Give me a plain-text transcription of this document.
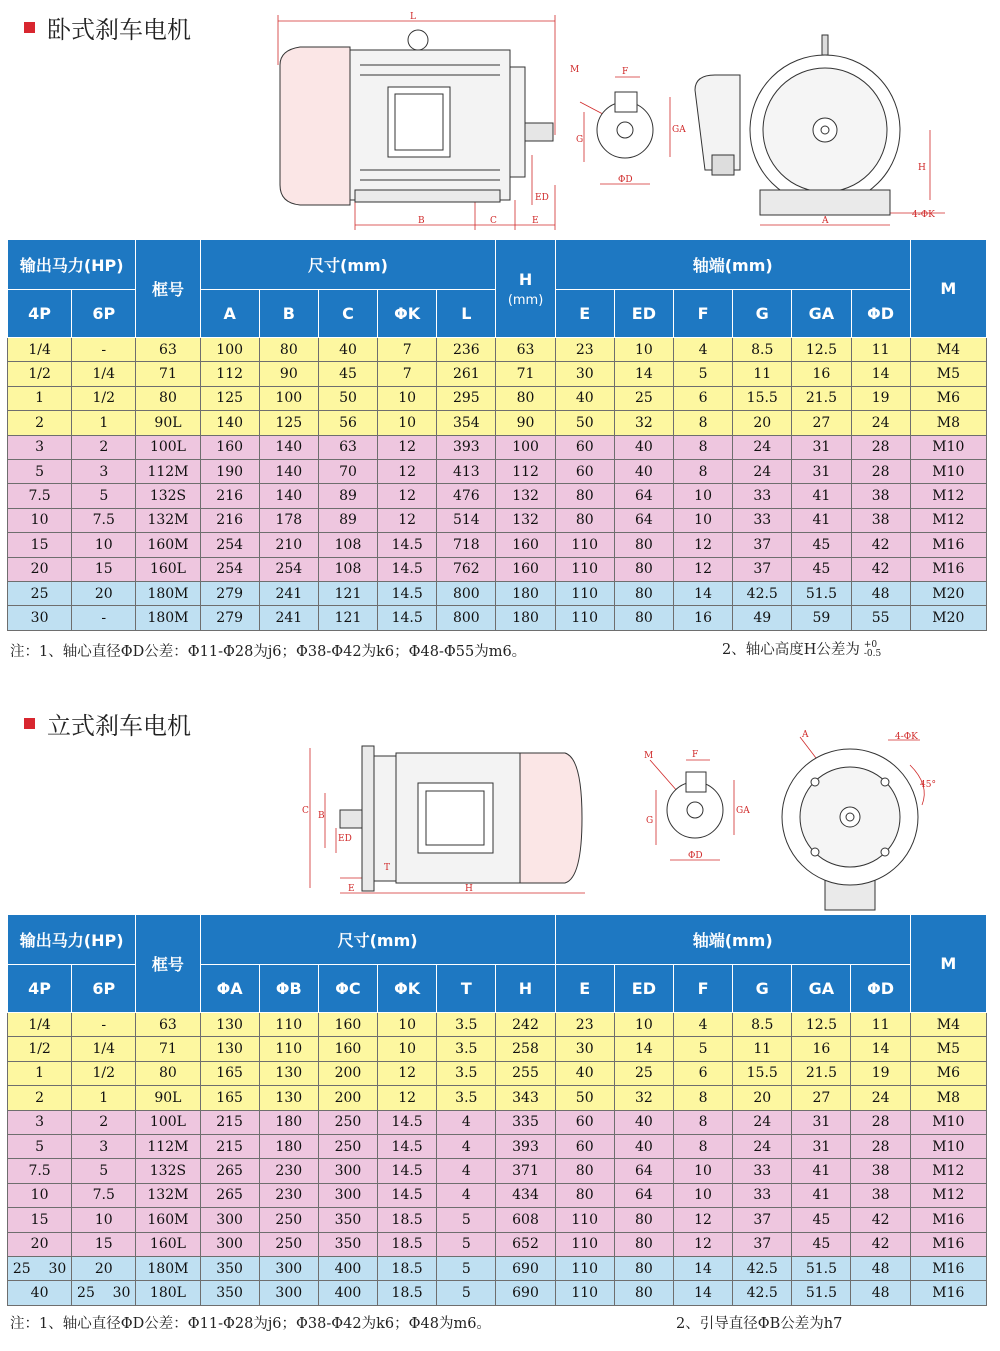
卧式刹车电机	L
B	C	E
ED
M	F
G
GA
ΦD
A
H
4-ΦK
输出马力(HP)		框号	尺寸(mm)					H
(mm)	轴端(mm)						M
4P	6P		A	B	C	ΦK	L		E	ED	F	G	GA	ΦD	
1/4	-	63	100	80	40	7	236	63	23	10	4	8.5	12.5	11	M4
1/2	1/4	71	112	90	45	7	261	71	30	14	5	11	16	14	M5
1	1/2	80	125	100	50	10	295	80	40	25	6	15.5	21.5	19	M6
2	1	90L	140	125	56	10	354	90	50	32	8	20	27	24	M8
3	2	100L	160	140	63	12	393	100	60	40	8	24	31	28	M10
5	3	112M	190	140	70	12	413	112	60	40	8	24	31	28	M10
7.5	5	132S	216	140	89	12	476	132	80	64	10	33	41	38	M12
10	7.5	132M	216	178	89	12	514	132	80	64	10	33	41	38	M12
15	10	160M	254	210	108	14.5	718	160	110	80	12	37	45	42	M16
20	15	160L	254	254	108	14.5	762	160	110	80	12	37	45	42	M16
25	20	180M	279	241	121	14.5	800	180	110	80	14	42.5	51.5	48	M20
30	-	180M	279	241	121	14.5	800	180	110	80	16	49	59	55	M20
注：1、轴心直径ΦD公差：Φ11-Φ28为j6；Φ38-Φ42为k6；Φ48-Φ55为m6。	2、轴心高度H公差为 +0
-0.5
立式刹车电机
C B
ED
T
E	H
M	F
G
GA
ΦD
A	4-ΦK
45°
输出马力(HP)		框号	尺寸(mm)						轴端(mm)						M
4P	6P		ΦA	ΦB	ΦC	ΦK	T	H	E	ED	F	G	GA	ΦD	
1/4	-	63	130	110	160	10	3.5	242	23	10	4	8.5	12.5	11	M4
1/2	1/4	71	130	110	160	10	3.5	258	30	14	5	11	16	14	M5
1	1/2	80	165	130	200	12	3.5	255	40	25	6	15.5	21.5	19	M6
2	1	90L	165	130	200	12	3.5	343	50	32	8	20	27	24	M8
3	2	100L	215	180	250	14.5	4	335	60	40	8	24	31	28	M10
5	3	112M	215	180	250	14.5	4	393	60	40	8	24	31	28	M10
7.5	5	132S	265	230	300	14.5	4	371	80	64	10	33	41	38	M12
10	7.5	132M	265	230	300	14.5	4	434	80	64	10	33	41	38	M12
15	10	160M	300	250	350	18.5	5	608	110	80	12	37	45	42	M16
20	15	160L	300	250	350	18.5	5	652	110	80	12	37	45	42	M16
25    30	20	180M	350	300	400	18.5	5	690	110	80	14	42.5	51.5	48	M16
40	25    30	180L	350	300	400	18.5	5	690	110	80	14	42.5	51.5	48	M16
注：1、轴心直径ΦD公差：Φ11-Φ28为j6；Φ38-Φ42为k6；Φ48为m6。	2、引导直径ΦB公差为h7
